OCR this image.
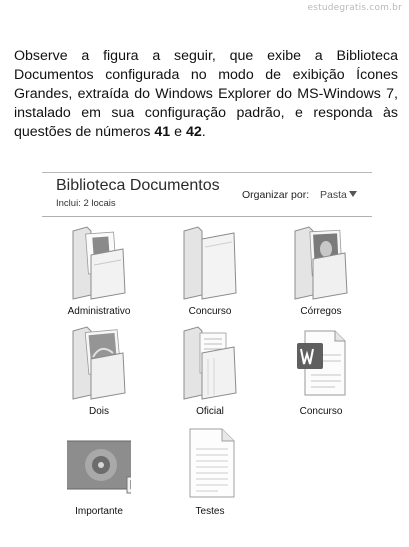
estudegratis.com.br
Observe a figura a seguir, que exibe a Biblioteca Documentos configurada no modo de exibição Ícones Grandes, extraída do Windows Explorer do MS-Windows 7, instalado em sua configuração padrão, e responda às questões de números 41 e 42.
Biblioteca Documentos
Inclui: 2 locais
Organizar por: Pasta
Administrativo	Concurso	Córregos
Dois	Oficial	Concurso
Importante	Testes
